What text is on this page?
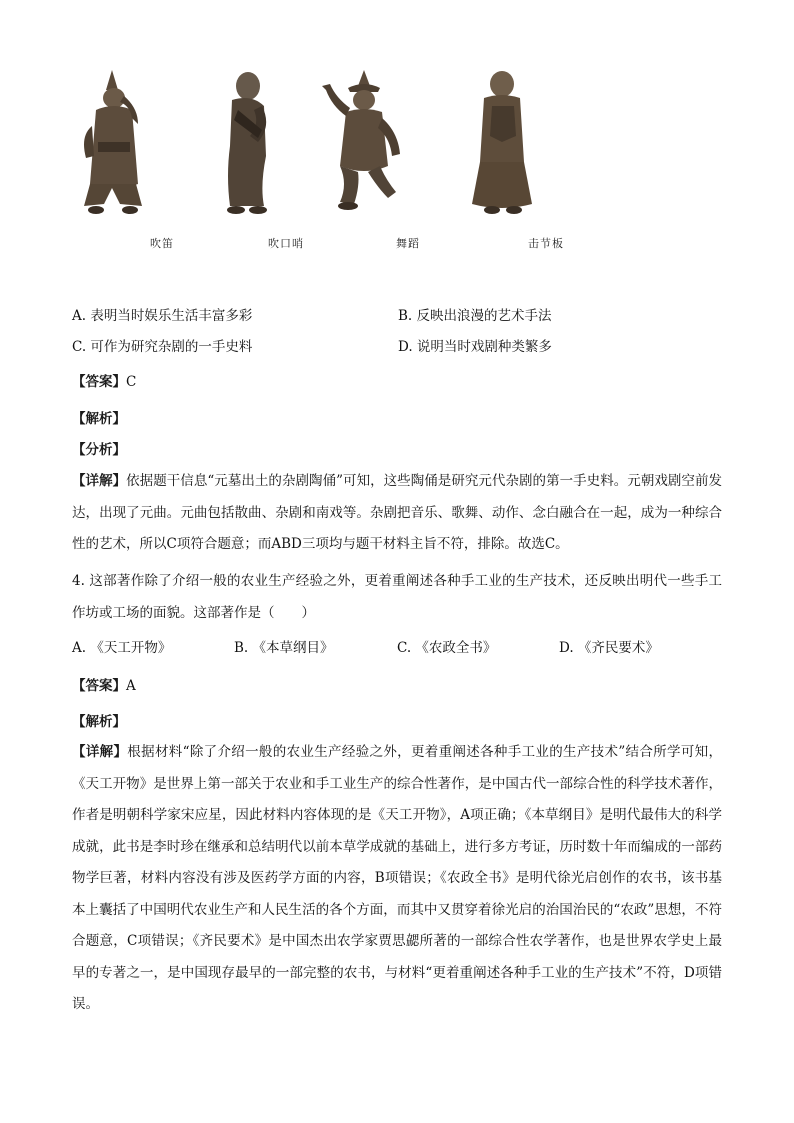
吹笛	吹口哨	舞蹈	击节板
A. 表明当时娱乐生活丰富多彩	B. 反映出浪漫的艺术手法
C. 可作为研究杂剧的一手史料	D. 说明当时戏剧种类繁多
【答案】C
【解析】
【分析】
【详解】依据题干信息“元墓出土的杂剧陶俑”可知，这些陶俑是研究元代杂剧的第一手史料。元朝戏剧空前发达，出现了元曲。元曲包括散曲、杂剧和南戏等。杂剧把音乐、歌舞、动作、念白融合在一起，成为一种综合性的艺术，所以C项符合题意；而ABD三项均与题干材料主旨不符，排除。故选C。
4. 这部著作除了介绍一般的农业生产经验之外，更着重阐述各种手工业的生产技术，还反映出明代一些手工作坊或工场的面貌。这部著作是（　　）
A. 《天工开物》	B. 《本草纲目》	C. 《农政全书》	D. 《齐民要术》
【答案】A
【解析】
【详解】根据材料“除了介绍一般的农业生产经验之外，更着重阐述各种手工业的生产技术”结合所学可知，《天工开物》是世界上第一部关于农业和手工业生产的综合性著作，是中国古代一部综合性的科学技术著作，作者是明朝科学家宋应星，因此材料内容体现的是《天工开物》，A项正确；《本草纲目》是明代最伟大的科学成就，此书是李时珍在继承和总结明代以前本草学成就的基础上，进行多方考证，历时数十年而编成的一部药物学巨著，材料内容没有涉及医药学方面的内容，B项错误；《农政全书》是明代徐光启创作的农书，该书基本上囊括了中国明代农业生产和人民生活的各个方面，而其中又贯穿着徐光启的治国治民的“农政”思想，不符合题意，C项错误；《齐民要术》是中国杰出农学家贾思勰所著的一部综合性农学著作，也是世界农学史上最早的专著之一，是中国现存最早的一部完整的农书，与材料“更着重阐述各种手工业的生产技术”不符，D项错误。
